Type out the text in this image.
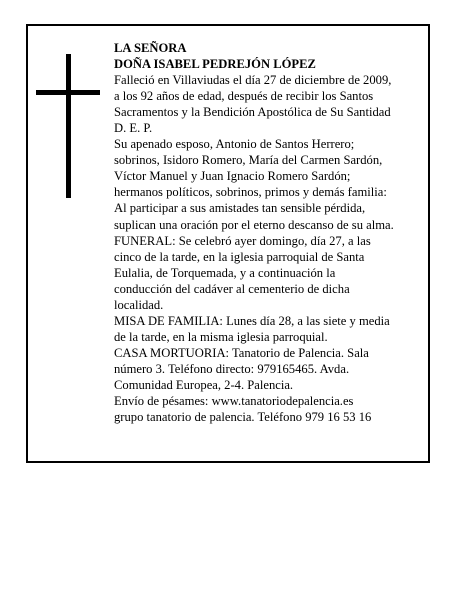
LA SEÑORA
DOÑA ISABEL PEDREJÓN LÓPEZ
Falleció en Villaviudas el día 27 de diciembre de 2009,
a los 92 años de edad, después de recibir los Santos
Sacramentos y la Bendición Apostólica de Su Santidad
D. E. P.
Su apenado esposo, Antonio de Santos Herrero;
sobrinos, Isidoro Romero, María del Carmen Sardón,
Víctor Manuel y Juan Ignacio Romero Sardón;
hermanos políticos, sobrinos, primos y demás familia:
Al participar a sus amistades tan sensible pérdida,
suplican una oración por el eterno descanso de su alma.
FUNERAL: Se celebró ayer domingo, día 27, a las
cinco de la tarde, en la iglesia parroquial de Santa
Eulalia, de Torquemada, y a continuación la
conducción del cadáver al cementerio de dicha
localidad.
MISA DE FAMILIA: Lunes día 28, a las siete y media
de la tarde, en la misma iglesia parroquial.
CASA MORTUORIA: Tanatorio de Palencia. Sala
número 3. Teléfono directo: 979165465. Avda.
Comunidad Europea, 2-4. Palencia.
Envío de pésames: www.tanatoriodepalencia.es
grupo tanatorio de palencia. Teléfono 979 16 53 16
